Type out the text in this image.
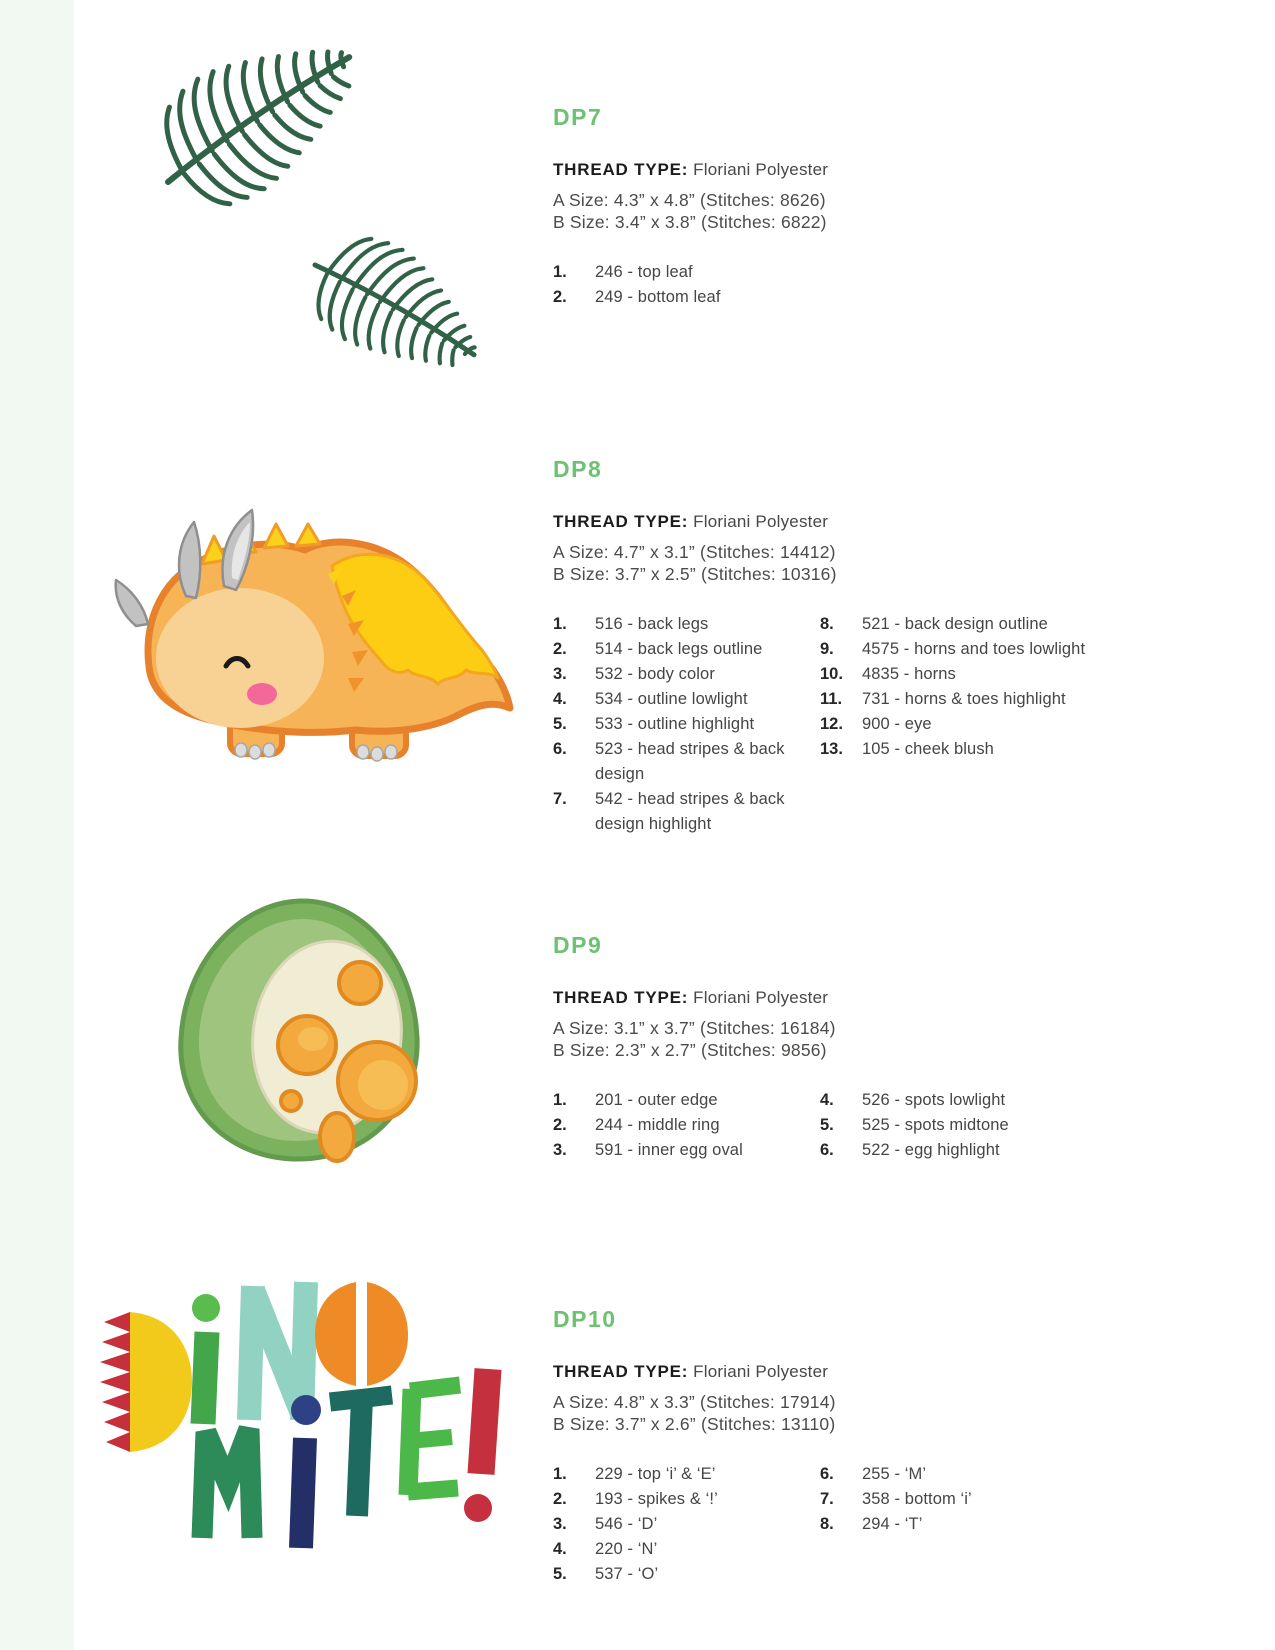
DP7
THREAD TYPE: Floriani Polyester
A Size: 4.3” x 4.8” (Stitches: 8626)
B Size: 3.4” x 3.8” (Stitches: 6822)
1.	246 - top leaf
2.	249 - bottom leaf
DP8
THREAD TYPE: Floriani Polyester
A Size: 4.7” x 3.1” (Stitches: 14412)
B Size: 3.7” x 2.5” (Stitches: 10316)
1.	516 - back legs
2.	514 - back legs outline
3.	532 - body color
4.	534 - outline lowlight
5.	533 - outline highlight
6.	523 - head stripes & back design
7.	542 - head stripes & back design highlight
8.	521 - back design outline
9.	4575 - horns and toes lowlight
10.	4835 - horns
11.	731 - horns & toes highlight
12.	900 - eye
13.	105 - cheek blush
DP9
THREAD TYPE: Floriani Polyester
A Size: 3.1” x 3.7” (Stitches: 16184)
B Size: 2.3” x 2.7” (Stitches: 9856)
1.	201 - outer edge
2.	244 - middle ring
3.	591 - inner egg oval
4.	526 - spots lowlight
5.	525 - spots midtone
6.	522 - egg highlight
DP10
THREAD TYPE: Floriani Polyester
A Size: 4.8” x 3.3” (Stitches: 17914)
B Size: 3.7” x 2.6” (Stitches: 13110)
1.	229 - top ‘i’ & ‘E’
2.	193 - spikes & ‘!’
3.	546 - ‘D’
4.	220 - ‘N’
5.	537 - ‘O’
6.	255 - ‘M’
7.	358 - bottom ‘i’
8.	294 - ‘T’
